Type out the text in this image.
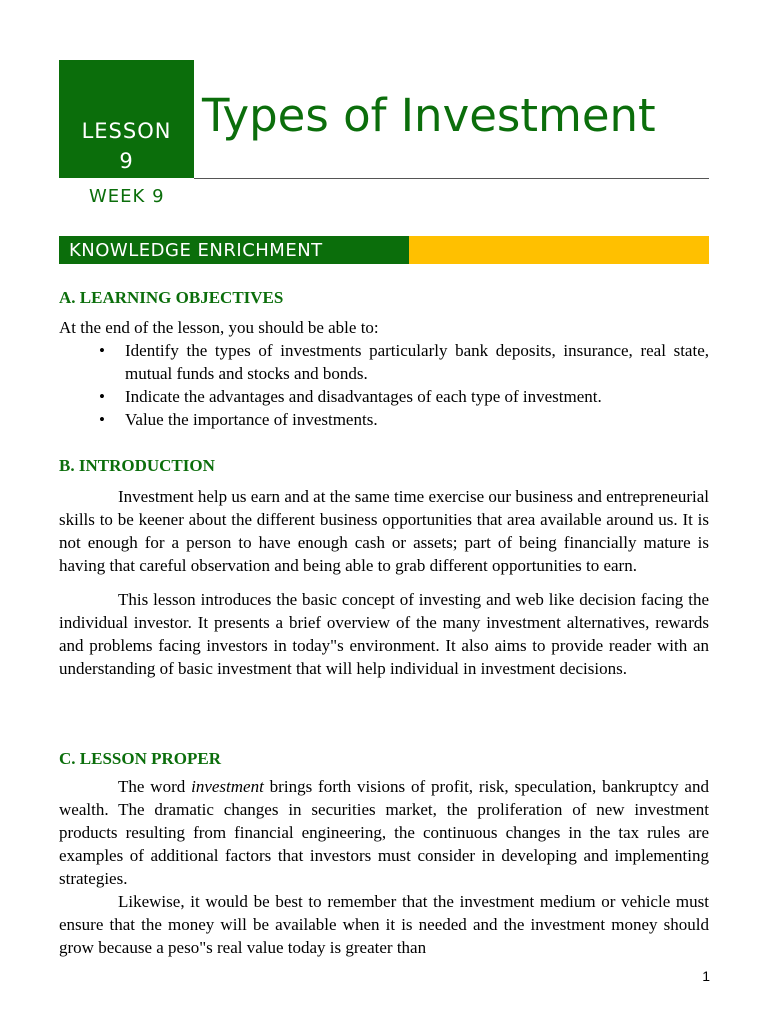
LESSON
9
Types of Investment
WEEK 9
KNOWLEDGE ENRICHMENT
A. LEARNING OBJECTIVES

At the end of the lesson, you should be able to:

• Identify the types of investments particularly bank deposits, insurance, real state, mutual funds and stocks and bonds.
• Indicate the advantages and disadvantages of each type of investment.
• Value the importance of investments.
B. INTRODUCTION

Investment help us earn and at the same time exercise our business and entrepreneurial skills to be keener about the different business opportunities that area available around us. It is not enough for a person to have enough cash or assets; part of being financially mature is having that careful observation and being able to grab different opportunities to earn.

This lesson introduces the basic concept of investing and web like decision facing the individual investor. It presents a brief overview of the many investment alternatives, rewards and problems facing investors in today"s environment. It also aims to provide reader with an understanding of basic investment that will help individual in investment decisions.

C. LESSON PROPER

The word investment brings forth visions of profit, risk, speculation, bankruptcy and wealth. The dramatic changes in securities market, the proliferation of new investment products resulting from financial engineering, the continuous changes in the tax rules are examples of additional factors that investors must consider in developing and implementing strategies.

Likewise, it would be best to remember that the investment medium or vehicle must ensure that the money will be available when it is needed and the investment money should grow because a peso"s real value today is greater than

1
